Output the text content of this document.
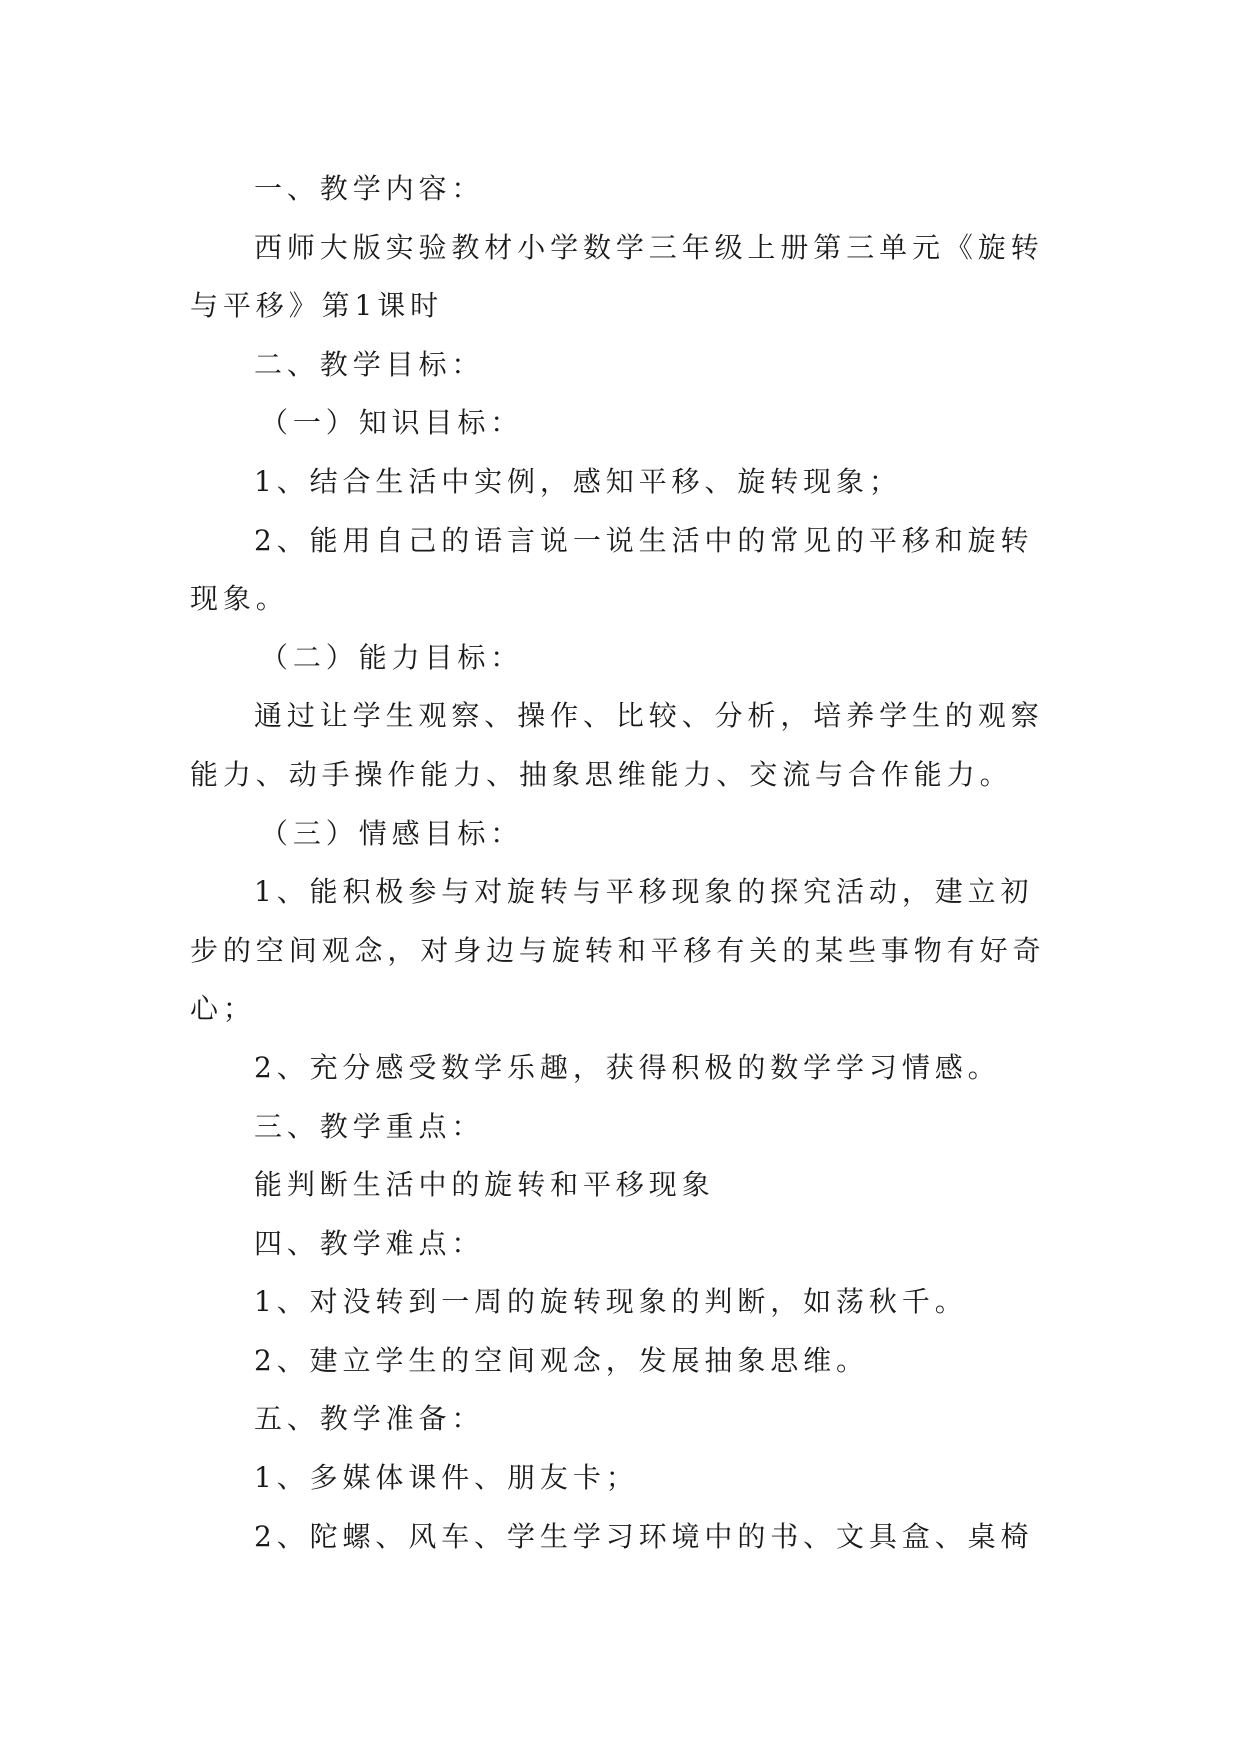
一、教学内容：

西师大版实验教材小学数学三年级上册第三单元《旋转

与平移》第1课时

二、教学目标：

（一）知识目标：

1、结合生活中实例，感知平移、旋转现象；

2、能用自己的语言说一说生活中的常见的平移和旋转

现象。

（二）能力目标：

通过让学生观察、操作、比较、分析，培养学生的观察

能力、动手操作能力、抽象思维能力、交流与合作能力。

（三）情感目标：

1、能积极参与对旋转与平移现象的探究活动，建立初

步的空间观念，对身边与旋转和平移有关的某些事物有好奇

心；

2、充分感受数学乐趣，获得积极的数学学习情感。

三、教学重点：

能判断生活中的旋转和平移现象

四、教学难点：

1、对没转到一周的旋转现象的判断，如荡秋千。

2、建立学生的空间观念，发展抽象思维。

五、教学准备：

1、多媒体课件、朋友卡；

2、陀螺、风车、学生学习环境中的书、文具盒、桌椅
